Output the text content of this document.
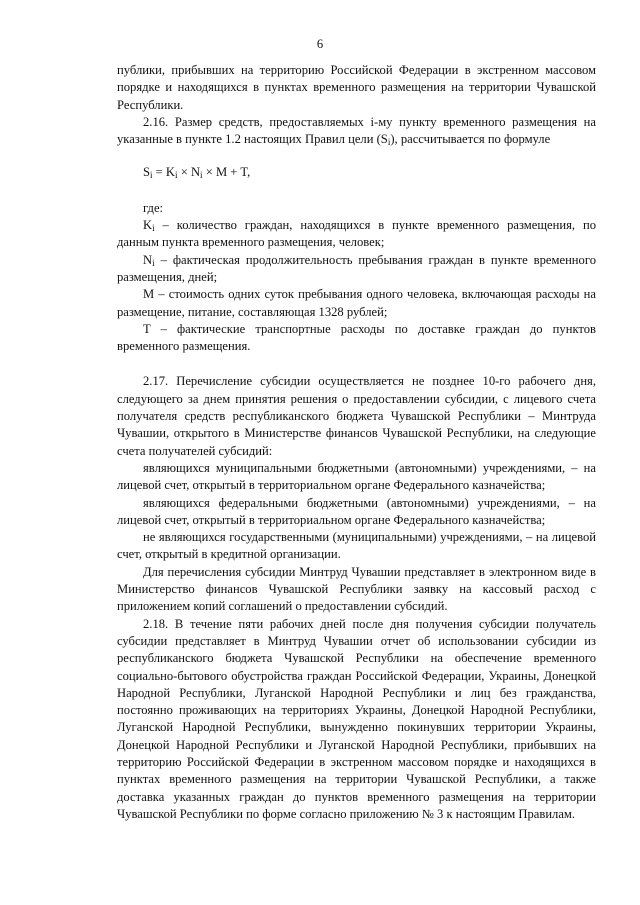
6

публики, прибывших на территорию Российской Федерации в экстренном массовом порядке и находящихся в пунктах временного размещения на территории Чувашской Республики.

2.16. Размер средств, предоставляемых i-му пункту временного размещения на указанные в пункте 1.2 настоящих Правил цели $(S_i)$, рассчитывается по формуле

$S_i = K_i \times N_i \times M + T$,

где:

$K_i$ – количество граждан, находящихся в пункте временного размещения, по данным пункта временного размещения, человек;

$N_i$ – фактическая продолжительность пребывания граждан в пункте временного размещения, дней;

M – стоимость одних суток пребывания одного человека, включающая расходы на размещение, питание, составляющая 1328 рублей;

T – фактические транспортные расходы по доставке граждан до пунктов временного размещения.

2.17. Перечисление субсидии осуществляется не позднее 10-го рабочего дня, следующего за днем принятия решения о предоставлении субсидии, с лицевого счета получателя средств республиканского бюджета Чувашской Республики – Минтруда Чувашии, открытого в Министерстве финансов Чувашской Республики, на следующие счета получателей субсидий:

являющихся муниципальными бюджетными (автономными) учреждениями, – на лицевой счет, открытый в территориальном органе Федерального казначейства;

являющихся федеральными бюджетными (автономными) учреждениями, – на лицевой счет, открытый в территориальном органе Федерального казначейства;

не являющихся государственными (муниципальными) учреждениями, – на лицевой счет, открытый в кредитной организации.

Для перечисления субсидии Минтруд Чувашии представляет в электронном виде в Министерство финансов Чувашской Республики заявку на кассовый расход с приложением копий соглашений о предоставлении субсидий.

2.18. В течение пяти рабочих дней после дня получения субсидии получатель субсидии представляет в Минтруд Чувашии отчет об использовании субсидии из республиканского бюджета Чувашской Республики на обеспечение временного социально-бытового обустройства граждан Российской Федерации, Украины, Донецкой Народной Республики, Луганской Народной Республики и лиц без гражданства, постоянно проживающих на территориях Украины, Донецкой Народной Республики, Луганской Народной Республики, вынужденно покинувших территории Украины, Донецкой Народной Республики и Луганской Народной Республики, прибывших на территорию Российской Федерации в экстренном массовом порядке и находящихся в пунктах временного размещения на территории Чувашской Республики, а также доставка указанных граждан до пунктов временного размещения на территории Чувашской Республики по форме согласно приложению № 3 к настоящим Правилам.
